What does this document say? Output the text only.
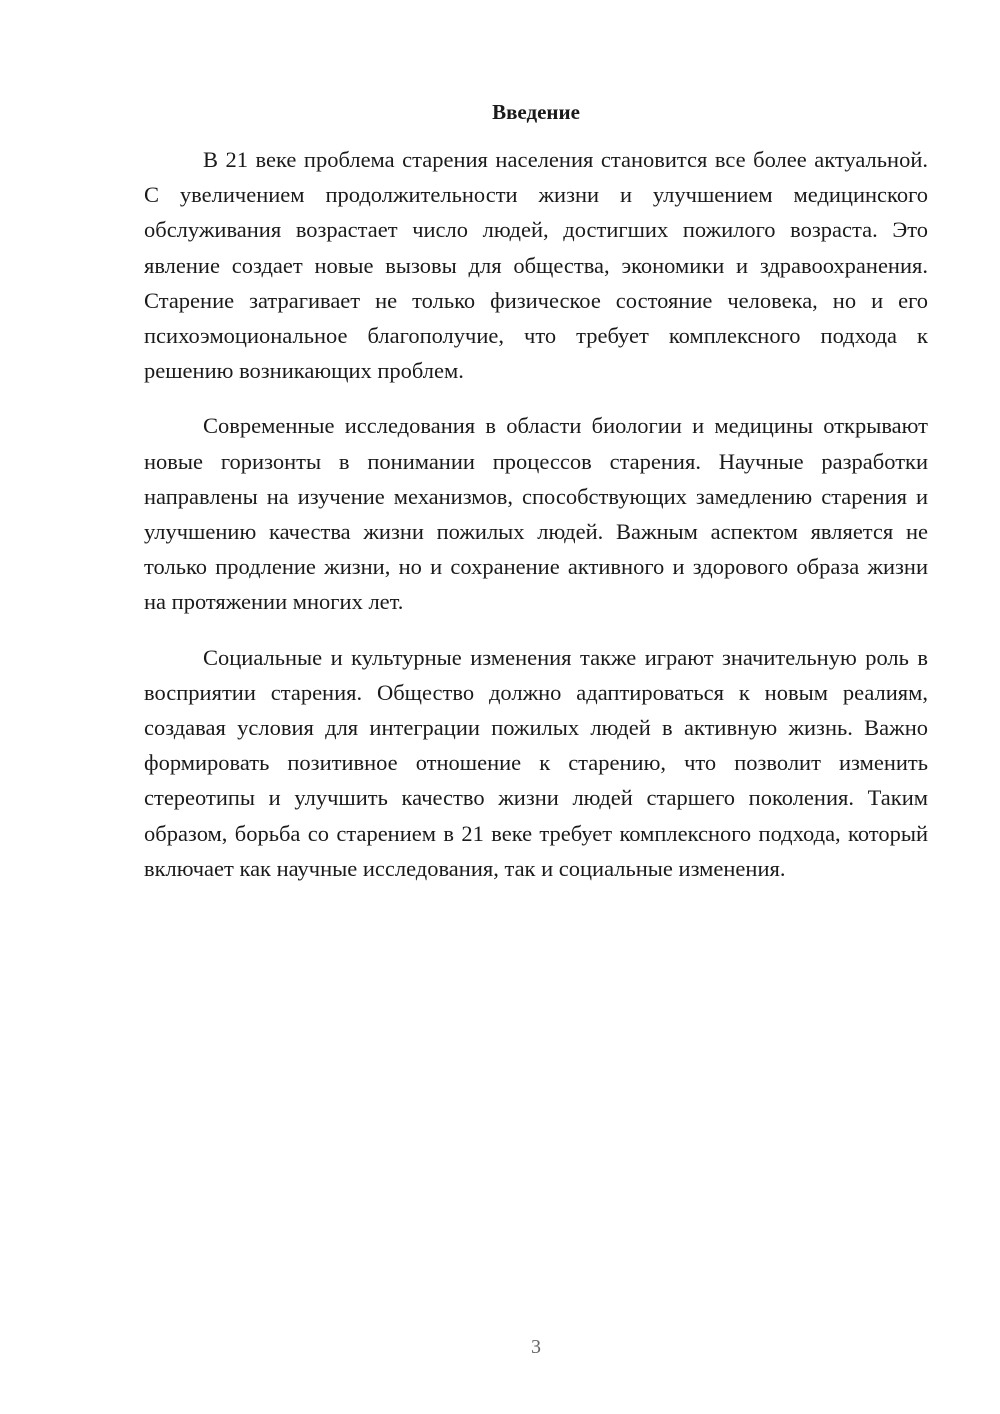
Введение

В 21 веке проблема старения населения становится все более актуальной. С увеличением продолжительности жизни и улучшением медицинского обслуживания возрастает число людей, достигших пожилого возраста. Это явление создает новые вызовы для общества, экономики и здравоохранения. Старение затрагивает не только физическое состояние человека, но и его психоэмоциональное благополучие, что требует комплексного подхода к решению возникающих проблем.

Современные исследования в области биологии и медицины открывают новые горизонты в понимании процессов старения. Научные разработки направлены на изучение механизмов, способствующих замедлению старения и улучшению качества жизни пожилых людей. Важным аспектом является не только продление жизни, но и сохранение активного и здорового образа жизни на протяжении многих лет.

Социальные и культурные изменения также играют значительную роль в восприятии старения. Общество должно адаптироваться к новым реалиям, создавая условия для интеграции пожилых людей в активную жизнь. Важно формировать позитивное отношение к старению, что позволит изменить стереотипы и улучшить качество жизни людей старшего поколения. Таким образом, борьба со старением в 21 веке требует комплексного подхода, который включает как научные исследования, так и социальные изменения.

3
